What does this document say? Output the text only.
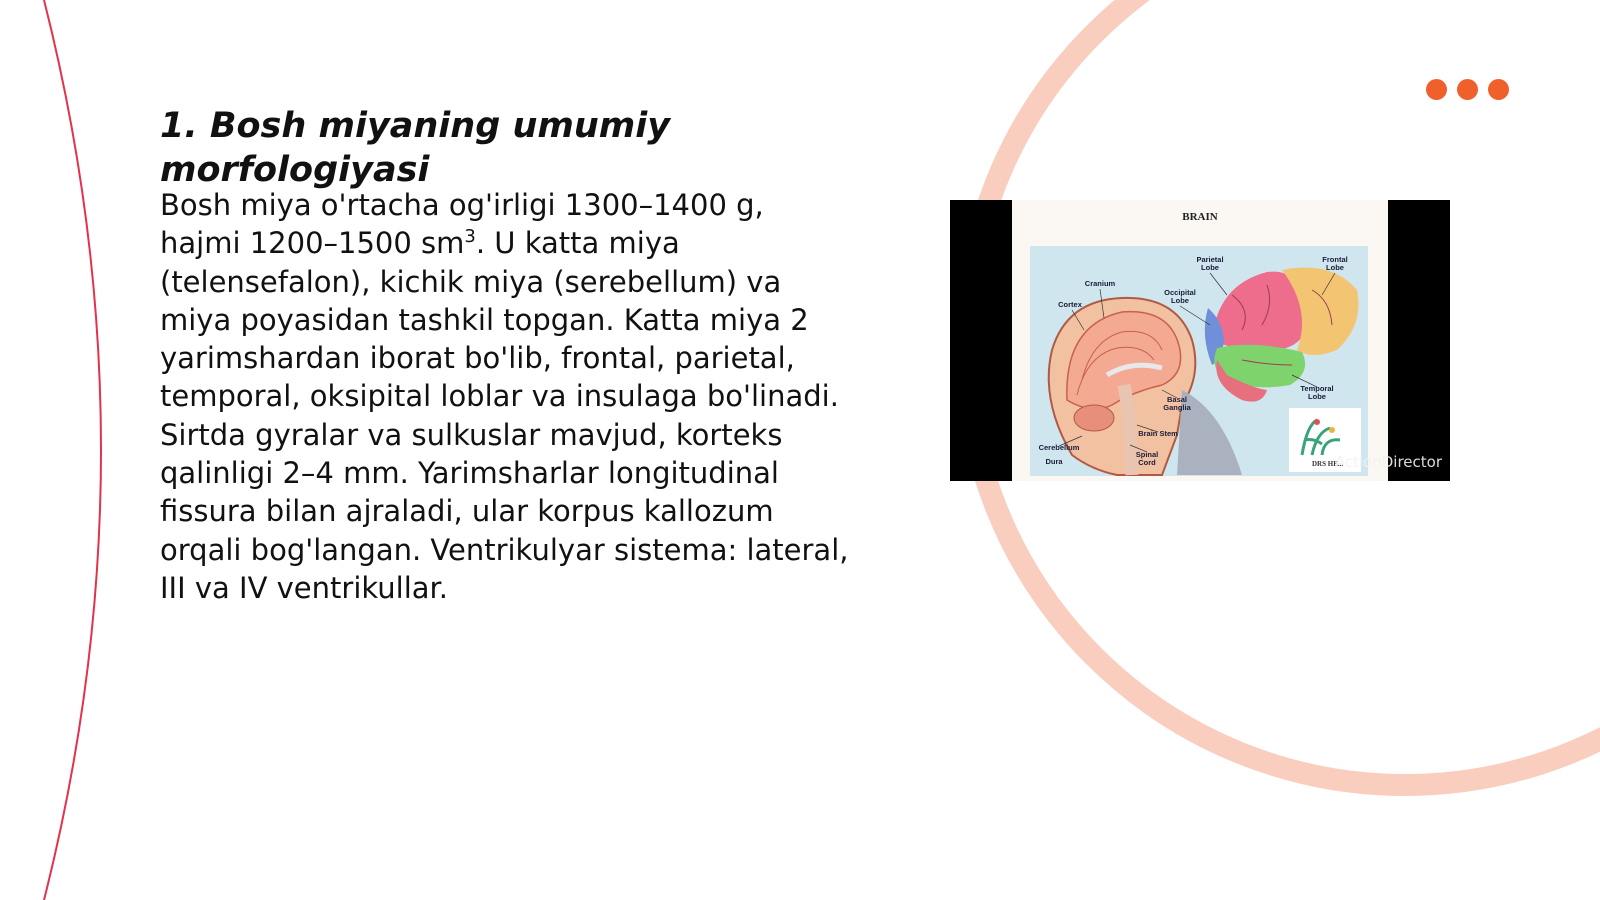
1. Bosh miyaning umumiy morfologiyasi

Bosh miya o'rtacha og'irligi 1300–1400 g, hajmi 1200–1500 $sm^3$. U katta miya (telensefalon), kichik miya (serebellum) va miya poyasidan tashkil topgan. Katta miya 2 yarimshardan iborat bo'lib, frontal, parietal, temporal, oksipital loblar va insulaga bo'linadi. Sirtda gyralar va sulkuslar mavjud, korteks qalinligi 2–4 mm. Yarimsharlar longitudinal fissura bilan ajraladi, ular korpus kallozum orqali bog'langan. Ventrikulyar sistema: lateral, III va IV ventrikullar.

BRAIN
Parietal
Lobe
Frontal
Lobe
Cranium
Occipital
Lobe
Cortex
Basal
Ganglia
Temporal
Lobe
Brain Stem
Cerebellum
Spinal
Cord
Dura	DRS HE...
ActionDirector
